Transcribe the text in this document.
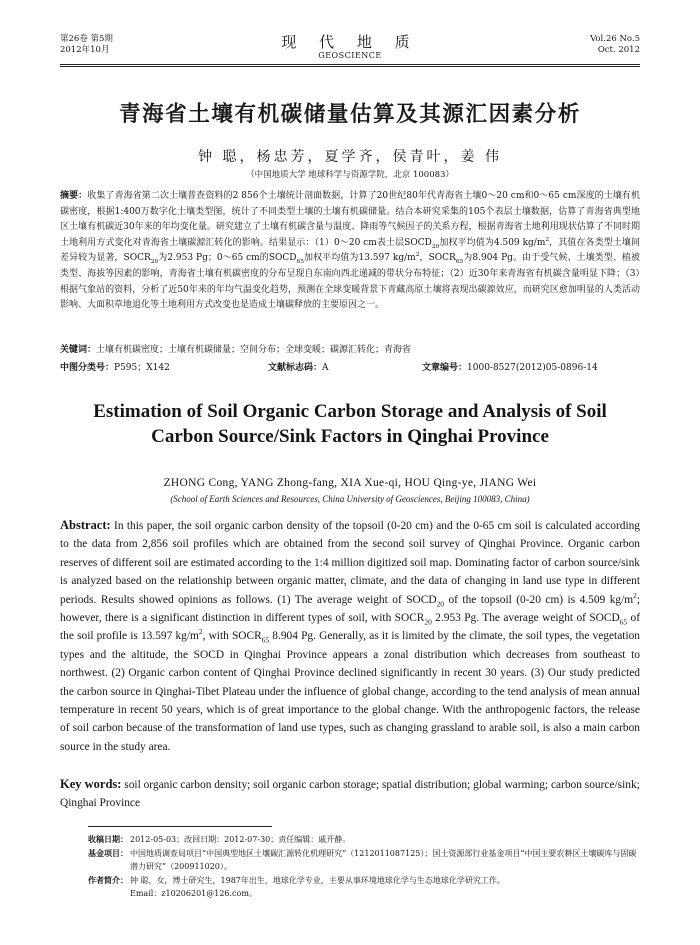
第26卷 第5期
2012年10月	现 代 地 质
GEOSCIENCE
Vol.26 No.5
Oct. 2012
青海省土壤有机碳储量估算及其源汇因素分析
钟 聪，杨忠芳，夏学齐，侯青叶，姜 伟
（中国地质大学 地球科学与资源学院，北京 100083）
摘要：收集了青海省第二次土壤普查资料的2 856个土壤统计剖面数据，计算了20世纪80年代青海省土壤0～20 cm和0～65 cm深度的土壤有机碳密度，根据1:400万数字化土壤类型图，统计了不同类型土壤的土壤有机碳储量。结合本研究采集的105个表层土壤数据，估算了青海省典型地区土壤有机碳近30年来的年均变化量。研究建立了土壤有机碳含量与温度、降雨等气候因子的关系方程，根据青海省土地利用现状估算了不同时期土地利用方式变化对青海省土壤碳源汇转化的影响。结果显示：（1）0～20 cm表土层$SOCD_{20}$加权平均值为4.509 $kg/m^2$，其值在各类型土壤间差异较为显著，$SOCR_{20}$为2.953 Pg；0～65 cm的$SOCD_{65}$加权平均值为13.597 $kg/m^2$，$SOCR_{65}$为8.904 Pg。由于受气候、土壤类型、植被类型、海拔等因素的影响，青海省土壤有机碳密度的分布呈现自东南向西北递减的带状分布特征；（2）近30年来青海省有机碳含量明显下降；（3）根据气象站的资料，分析了近50年来的年均气温变化趋势，预测在全球变暖背景下青藏高原土壤将表现出碳源效应，而研究区愈加明显的人类活动影响、大面积草地退化等土地利用方式改变也是造成土壤碳释放的主要原因之一。
关键词：土壤有机碳密度；土壤有机碳储量；空间分布；全球变暖；碳源汇转化；青海省
中图分类号： P595；X142	文献标志码： A	文章编号： 1000-8527(2012)05-0896-14
Estimation of Soil Organic Carbon Storage and Analysis of Soil
Carbon Source/Sink Factors in Qinghai Province
ZHONG Cong, YANG Zhong-fang, XIA Xue-qi, HOU Qing-ye, JIANG Wei
(School of Earth Sciences and Resources, China University of Geosciences, Beijing 100083, China)
Abstract: In this paper, the soil organic carbon density of the topsoil (0-20 cm) and the 0-65 cm soil is calculated according to the data from 2,856 soil profiles which are obtained from the second soil survey of Qinghai Province. Organic carbon reserves of different soil are estimated according to the 1:4 million digitized soil map. Dominating factor of carbon source/sink is analyzed based on the relationship between organic matter, climate, and the data of changing in land use type in different periods. Results showed opinions as follows. (1) The average weight of $SOCD_{20}$ of the topsoil (0-20 cm) is 4.509 $kg/m^2$; however, there is a significant distinction in different types of soil, with $SOCR_{20}$ 2.953 Pg. The average weight of $SOCD_{65}$ of the soil profile is 13.597 $kg/m^2$, with $SOCR_{65}$ 8.904 Pg. Generally, as it is limited by the climate, the soil types, the vegetation types and the altitude, the SOCD in Qinghai Province appears a zonal distribution which decreases from southeast to northwest. (2) Organic carbon content of Qinghai Province declined significantly in recent 30 years. (3) Our study predicted the carbon source in Qinghai-Tibet Plateau under the influence of global change, according to the tend analysis of mean annual temperature in recent 50 years, which is of great importance to the global change. With the anthropogenic factors, the release of soil carbon because of the transformation of land use types, such as changing grassland to arable soil, is also a main carbon source in the study area.
Key words: soil organic carbon density; soil organic carbon storage; spatial distribution; global warming; carbon source/sink; Qinghai Province
收稿日期： 2012-05-03；改回日期：2012-07-30；责任编辑：戚开静。
基金项目： 中国地质调查局项目“中国典型地区土壤碳汇源转化机理研究”（1212011087125）；国土资源部行业基金项目“中国主要农耕区土壤碳库与固碳潜力研究”（200911020）。
作者简介： 钟 聪，女，博士研究生，1987年出生，地球化学专业，主要从事环境地球化学与生态地球化学研究工作。
Email：z10206201@126.com。
